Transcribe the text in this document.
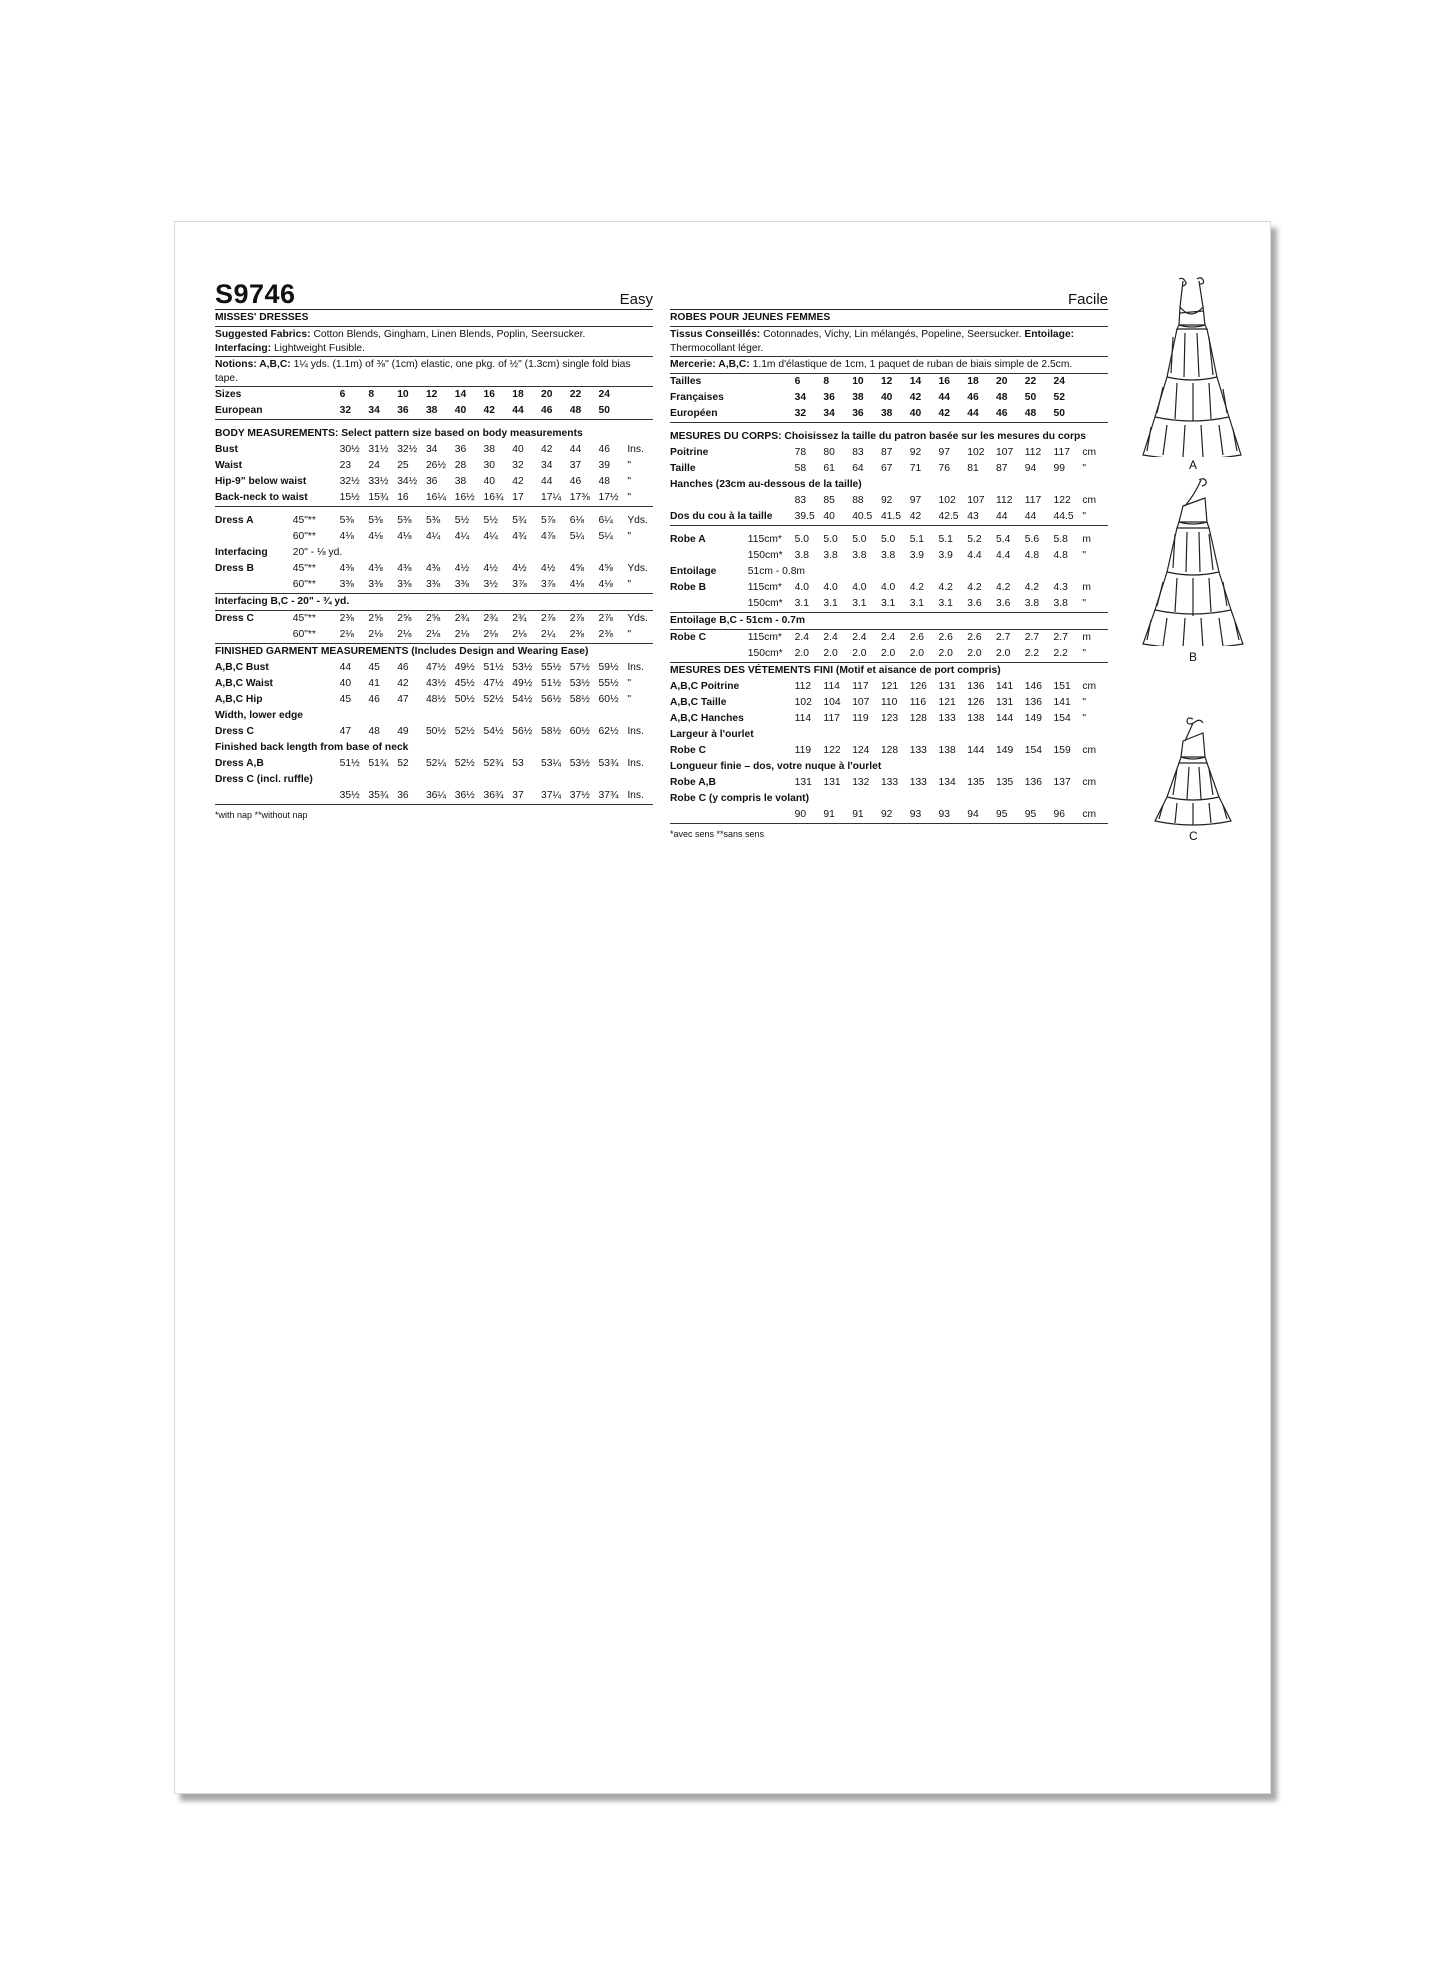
S9746	Easy
MISSES' DRESSES
Suggested Fabrics: Cotton Blends, Gingham, Linen Blends, Poplin, Seersucker.
Interfacing: Lightweight Fusible.
Notions: A,B,C: 1¼ yds. (1.1m) of ⅜" (1cm) elastic, one pkg. of ½" (1.3cm) single fold bias tape.
Sizes		6	8	10	12	14	16	18	20	22	24	
European		32	34	36	38	40	42	44	46	48	50	

BODY MEASUREMENTS: Select pattern size based on body measurements												
Bust		30½	31½	32½	34	36	38	40	42	44	46	Ins.
Waist		23	24	25	26½	28	30	32	34	37	39	"
Hip-9" below waist		32½	33½	34½	36	38	40	42	44	46	48	"
Back-neck to waist		15½	15¾	16	16¼	16½	16¾	17	17¼	17⅜	17½	"

Dress A	45"**	5⅜	5⅜	5⅜	5⅜	5½	5½	5¾	5⅞	6⅛	6¼	Yds.
	60"**	4⅛	4⅛	4⅛	4¼	4¼	4¼	4¾	4⅞	5¼	5¼	"
Interfacing	20" - ⅛ yd.											
Dress B	45"**	4⅜	4⅜	4⅜	4⅜	4½	4½	4½	4½	4⅝	4⅝	Yds.
	60"**	3⅜	3⅜	3⅜	3⅜	3⅜	3½	3⅞	3⅞	4⅛	4⅛	"
Interfacing B,C - 20" - ¾ yd.												
Dress C	45"**	2⅜	2⅝	2⅝	2⅝	2¾	2¾	2¾	2⅞	2⅞	2⅞	Yds.
	60"**	2⅛	2⅛	2⅛	2⅛	2⅛	2⅛	2⅛	2¼	2⅜	2⅜	"
FINISHED GARMENT MEASUREMENTS (Includes Design and Wearing Ease)												
A,B,C Bust		44	45	46	47½	49½	51½	53½	55½	57½	59½	Ins.
A,B,C Waist		40	41	42	43½	45½	47½	49½	51½	53½	55½	"
A,B,C Hip		45	46	47	48½	50½	52½	54½	56½	58½	60½	"
Width, lower edge												
Dress C		47	48	49	50½	52½	54½	56½	58½	60½	62½	Ins.
Finished back length from base of neck												
Dress A,B		51½	51¾	52	52¼	52½	52¾	53	53¼	53½	53¾	Ins.
Dress C (incl. ruffle)												
		35½	35¾	36	36¼	36½	36¾	37	37¼	37½	37¾	Ins.
*with nap **without nap
Facile
ROBES POUR JEUNES FEMMES
Tissus Conseillés: Cotonnades, Vichy, Lin mélangés, Popeline, Seersucker. Entoilage: Thermocollant léger.
Mercerie: A,B,C: 1.1m d'élastique de 1cm, 1 paquet de ruban de biais simple de 2.5cm.
Tailles		6	8	10	12	14	16	18	20	22	24	
Françaises		34	36	38	40	42	44	46	48	50	52	
Européen		32	34	36	38	40	42	44	46	48	50	

MESURES DU CORPS: Choisissez la taille du patron basée sur les mesures du corps												
Poitrine		78	80	83	87	92	97	102	107	112	117	cm
Taille		58	61	64	67	71	76	81	87	94	99	"
Hanches (23cm au-dessous de la taille)												
		83	85	88	92	97	102	107	112	117	122	cm
Dos du cou à la taille		39.5	40	40.5	41.5	42	42.5	43	44	44	44.5	"

Robe A	115cm*	5.0	5.0	5.0	5.0	5.1	5.1	5.2	5.4	5.6	5.8	m
	150cm*	3.8	3.8	3.8	3.8	3.9	3.9	4.4	4.4	4.8	4.8	"
Entoilage	51cm - 0.8m											
Robe B	115cm*	4.0	4.0	4.0	4.0	4.2	4.2	4.2	4.2	4.2	4.3	m
	150cm*	3.1	3.1	3.1	3.1	3.1	3.1	3.6	3.6	3.8	3.8	"
Entoilage B,C - 51cm - 0.7m												
Robe C	115cm*	2.4	2.4	2.4	2.4	2.6	2.6	2.6	2.7	2.7	2.7	m
	150cm*	2.0	2.0	2.0	2.0	2.0	2.0	2.0	2.0	2.2	2.2	"
MESURES DES VÉTEMENTS FINI (Motif et aisance de port compris)												
A,B,C Poitrine		112	114	117	121	126	131	136	141	146	151	cm
A,B,C Taille		102	104	107	110	116	121	126	131	136	141	"
A,B,C Hanches		114	117	119	123	128	133	138	144	149	154	"
Largeur à l'ourlet												
Robe C		119	122	124	128	133	138	144	149	154	159	cm
Longueur finie – dos, votre nuque à l'ourlet												
Robe A,B		131	131	132	133	133	134	135	135	136	137	cm
Robe C (y compris le volant)												
		90	91	91	92	93	93	94	95	95	96	cm
*avec sens **sans sens
A
B
C
